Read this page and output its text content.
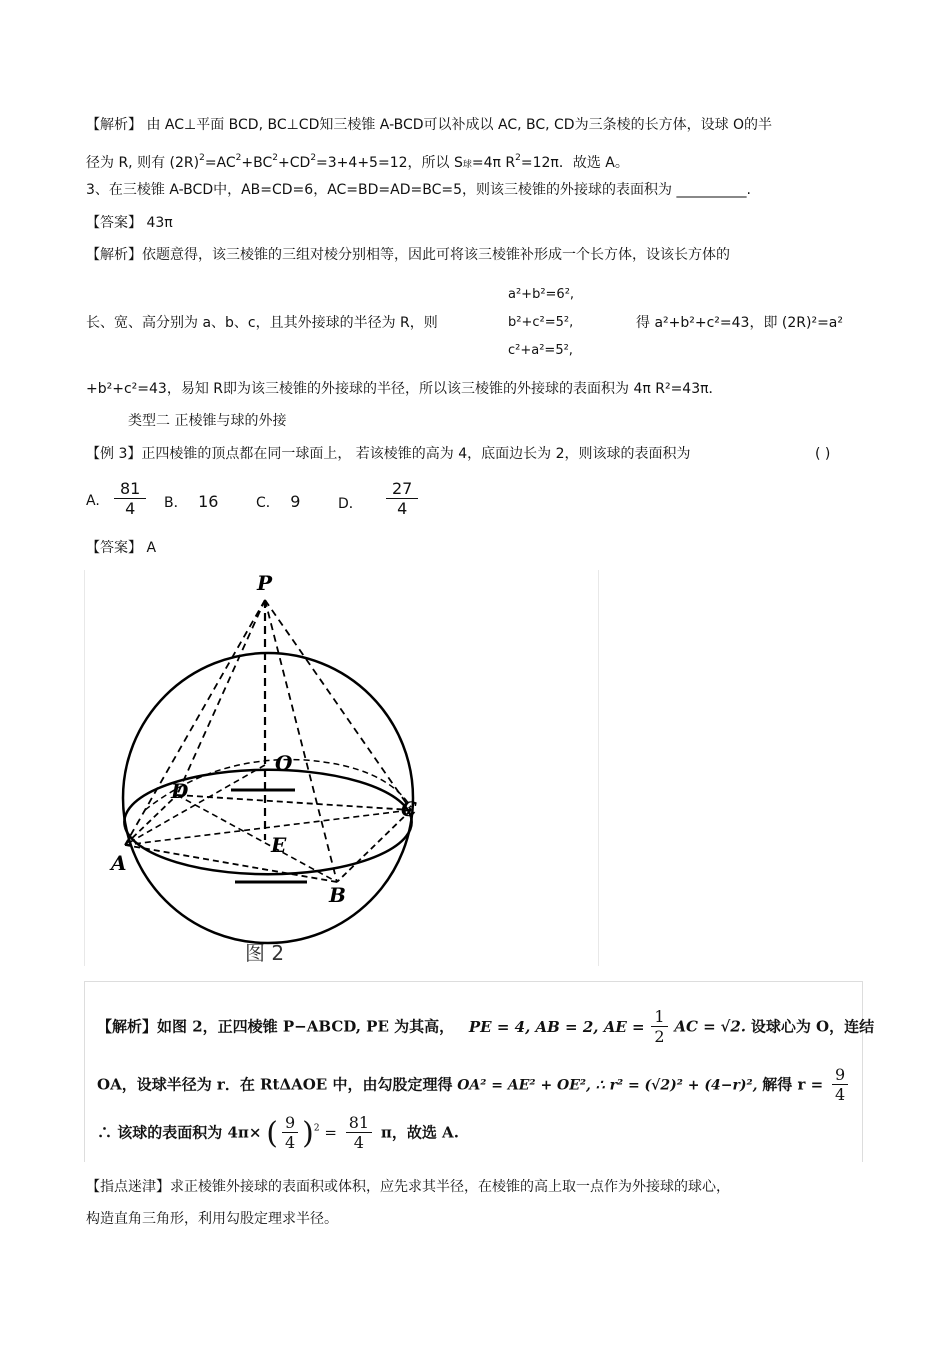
【解析】 由 AC⊥平面 BCD, BC⊥CD知三棱锥 A-BCD可以补成以 AC, BC, CD为三条棱的长方体，设球 O的半
径为 R, 则有 $(2R)^2=AC^2+BC^2+CD^2=3+4+5=12$，所以 S球=4π $R^2=12\pi$．故选 A。
3、在三棱锥 A-BCD中，AB=CD=6，AC=BD=AD=BC=5，则该三棱锥的外接球的表面积为 __________.
【答案】 43π
【解析】依题意得，该三棱锥的三组对棱分别相等，因此可将该三棱锥补形成一个长方体，设该长方体的
a²+b²=6²,
长、宽、高分别为 a、b、c，且其外接球的半径为 R，则	b²+c²=5²,	得 a²+b²+c²=43，即 (2R)²=a²
c²+a²=5²,
+b²+c²=43，易知 R即为该三棱锥的外接球的半径，所以该三棱锥的外接球的表面积为 4π R²=43π．
类型二 正棱锥与球的外接
【例 3】正四棱锥的顶点都在同一球面上， 若该棱锥的高为 4，底面边长为 2，则该球的表面积为	( )
A. $\frac{81}{4}$ B． 16	C． 9	D． $\frac{27}{4}$
【答案】 A
P
O
D
C
E
A
B
图 2
【解析】如图 2，正四棱锥 P−ABCD, PE 为其高， PE = 4, AB = 2, AE = $\frac{1}{2}$ AC = √2. 设球心为 O，连结
OA，设球半径为 r．在 RtΔAOE 中，由勾股定理得 OA² = AE² + OE², ∴ r² = (√2)² + (4−r)², 解得 $r = \frac{9}{4}$
∴ 该球的表面积为 4π× ( $\frac{9}{4} )^2 = \frac{81}{4}$ π，故选 A.
【指点迷津】求正棱锥外接球的表面积或体积，应先求其半径，在棱锥的高上取一点作为外接球的球心，
构造直角三角形，利用勾股定理求半径。
